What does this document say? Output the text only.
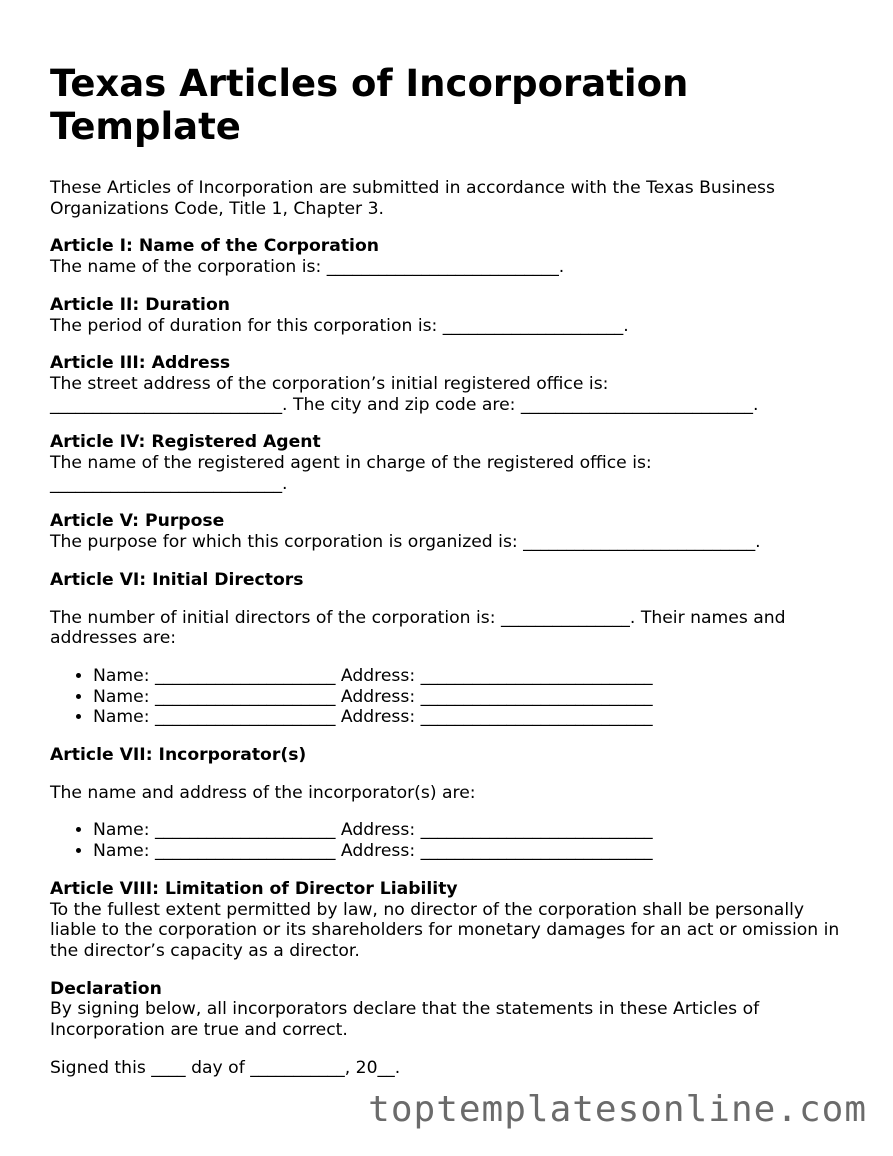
Texas Articles of Incorporation Template

These Articles of Incorporation are submitted in accordance with the Texas Business Organizations Code, Title 1, Chapter 3.

Article I: Name of the Corporation
The name of the corporation is: ___________________________.

Article II: Duration
The period of duration for this corporation is: _____________________.

Article III: Address
The street address of the corporation’s initial registered office is: ___________________________. The city and zip code are: ___________________________.

Article IV: Registered Agent
The name of the registered agent in charge of the registered office is: ___________________________.

Article V: Purpose
The purpose for which this corporation is organized is: ___________________________.

Article VI: Initial Directors

The number of initial directors of the corporation is: _______________. Their names and addresses are:

• Name: _____________________ Address: ___________________________
• Name: _____________________ Address: ___________________________
• Name: _____________________ Address: ___________________________

Article VII: Incorporator(s)

The name and address of the incorporator(s) are:

• Name: _____________________ Address: ___________________________
• Name: _____________________ Address: ___________________________

Article VIII: Limitation of Director Liability
To the fullest extent permitted by law, no director of the corporation shall be personally liable to the corporation or its shareholders for monetary damages for an act or omission in the director’s capacity as a director.

Declaration
By signing below, all incorporators declare that the statements in these Articles of Incorporation are true and correct.

Signed this ____ day of ___________, 20__.

toptemplatesonline.com
